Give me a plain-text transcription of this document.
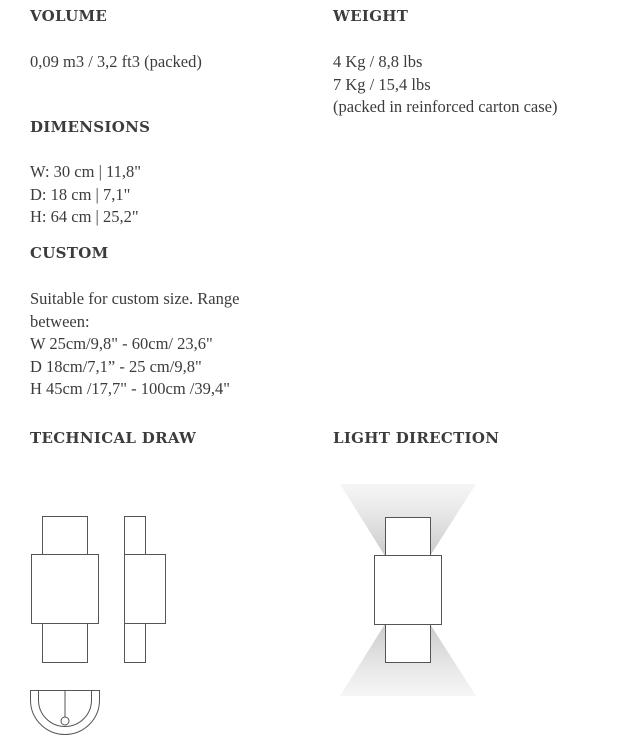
VOLUME	WEIGHT
DIMENSIONS
CUSTOM
TECHNICAL DRAW	LIGHT DIRECTION
0,09 m3 / 3,2 ft3 (packed)	4 Kg / 8,8 lbs
7 Kg / 15,4 lbs
(packed in reinforced carton case)
W: 30 cm | 11,8"
D: 18 cm | 7,1"
H: 64 cm | 25,2"
Suitable for custom size. Range
between:
W 25cm/9,8" - 60cm/ 23,6"
D 18cm/7,1” - 25 cm/9,8"
H 45cm /17,7" - 100cm /39,4"
